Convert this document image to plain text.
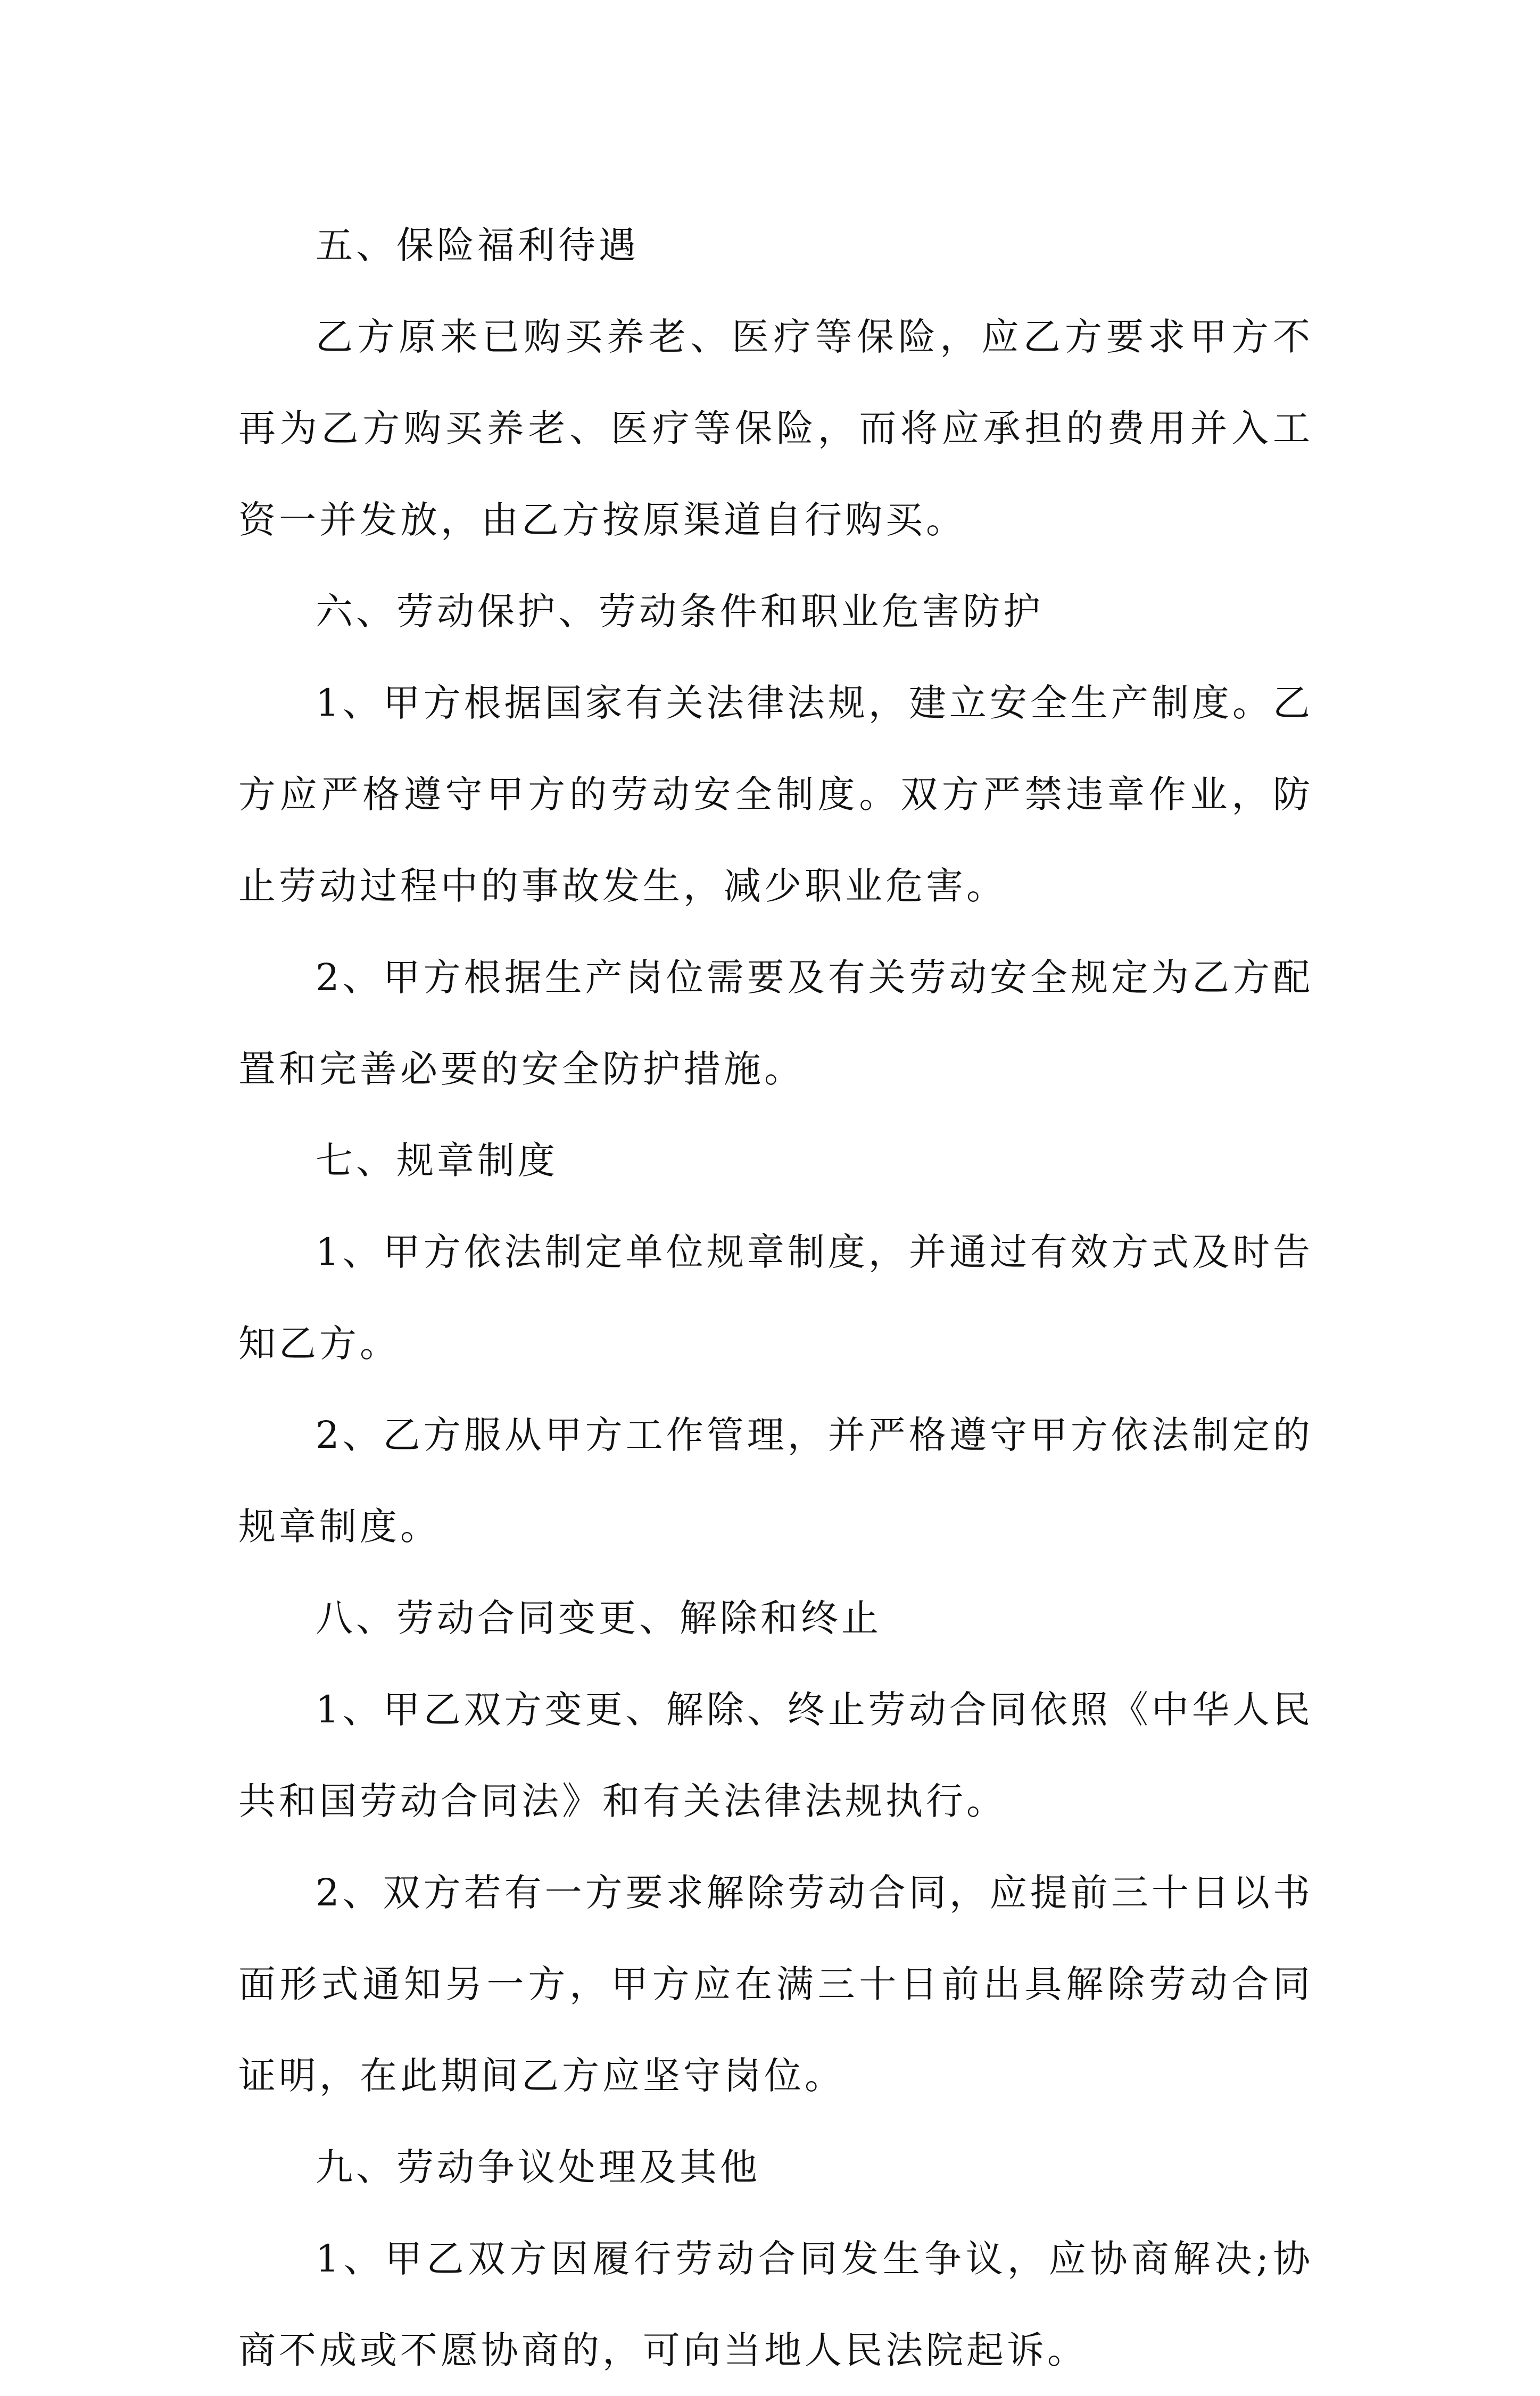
五、保险福利待遇

乙方原来已购买养老、医疗等保险，应乙方要求甲方不再为乙方购买养老、医疗等保险，而将应承担的费用并入工资一并发放，由乙方按原渠道自行购买。

六、劳动保护、劳动条件和职业危害防护

1、甲方根据国家有关法律法规，建立安全生产制度。乙方应严格遵守甲方的劳动安全制度。双方严禁违章作业，防止劳动过程中的事故发生，减少职业危害。

2、甲方根据生产岗位需要及有关劳动安全规定为乙方配置和完善必要的安全防护措施。

七、规章制度

1、甲方依法制定单位规章制度，并通过有效方式及时告知乙方。

2、乙方服从甲方工作管理，并严格遵守甲方依法制定的规章制度。

八、劳动合同变更、解除和终止

1、甲乙双方变更、解除、终止劳动合同依照《中华人民共和国劳动合同法》和有关法律法规执行。

2、双方若有一方要求解除劳动合同，应提前三十日以书面形式通知另一方，甲方应在满三十日前出具解除劳动合同证明，在此期间乙方应坚守岗位。

九、劳动争议处理及其他

1、甲乙双方因履行劳动合同发生争议，应协商解决;协商不成或不愿协商的，可向当地人民法院起诉。
